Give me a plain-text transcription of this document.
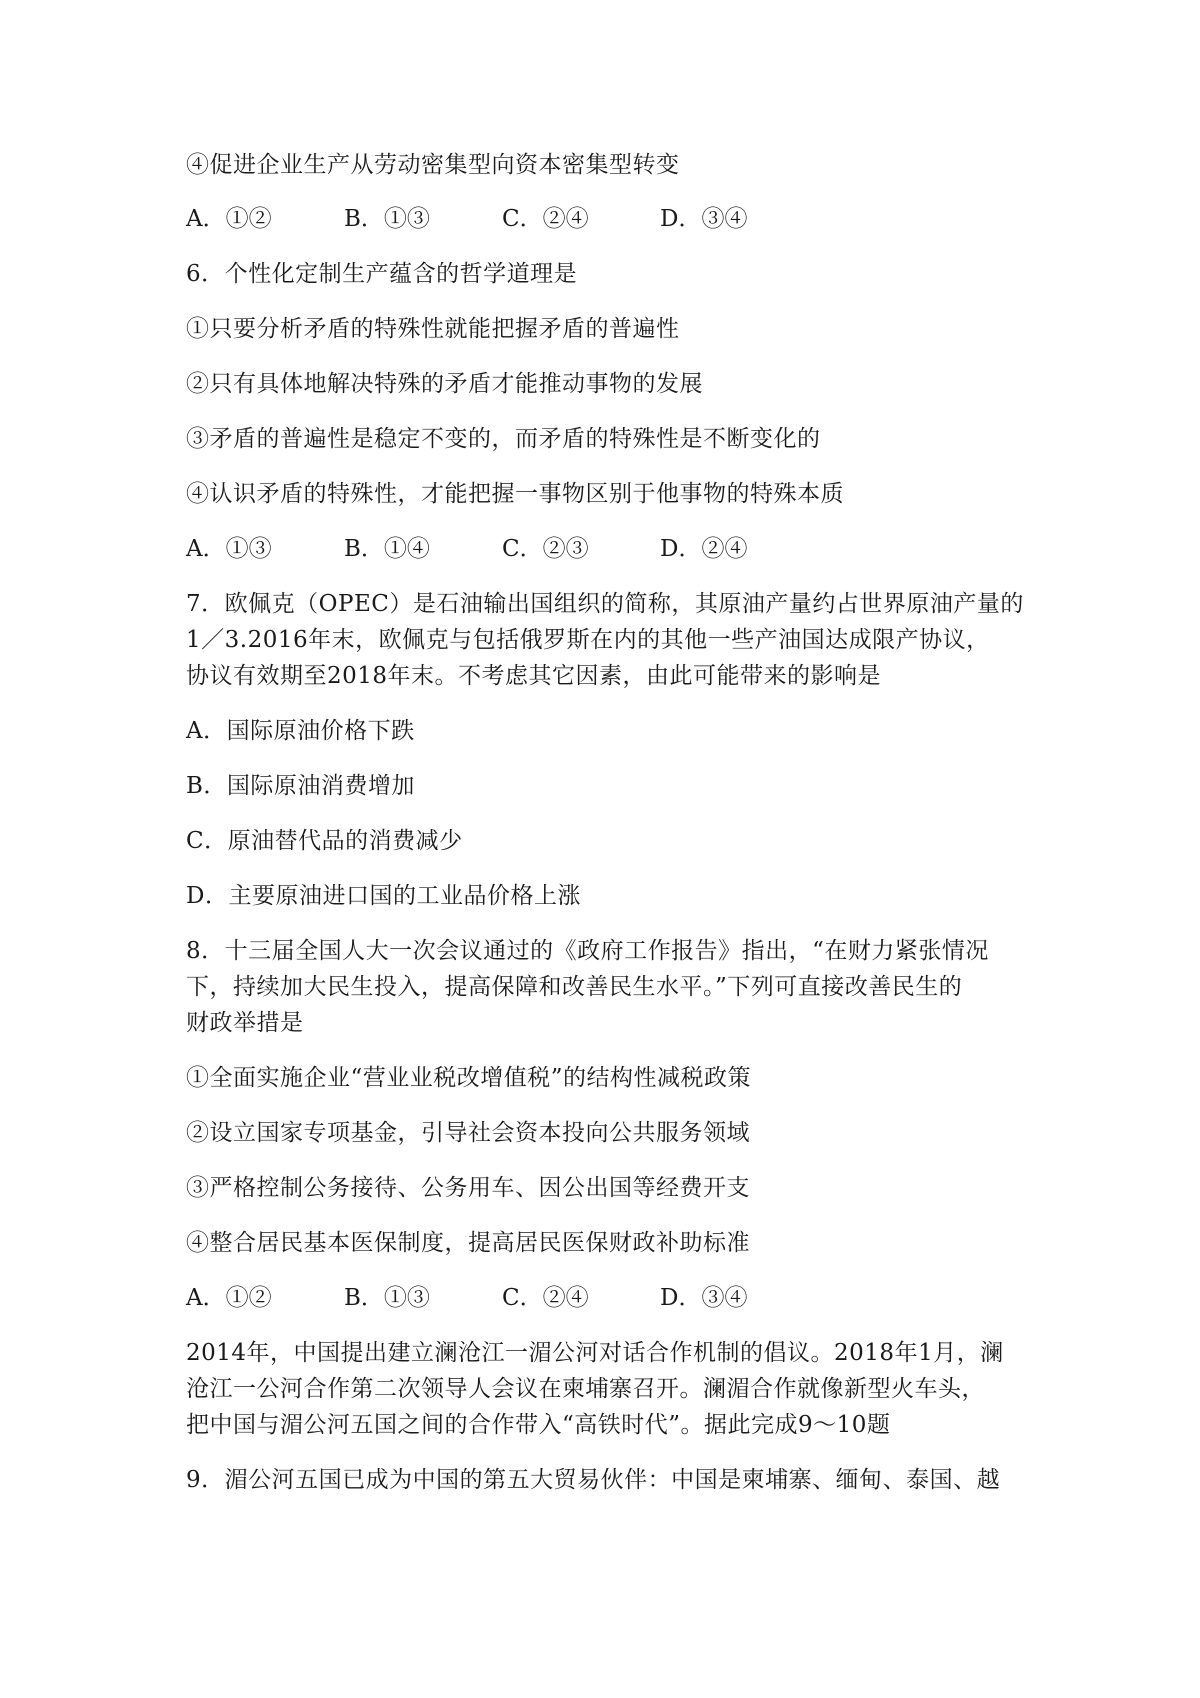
④促进企业生产从劳动密集型向资本密集型转变
A．①②	B．①③	C．②④	D．③④
6．个性化定制生产蕴含的哲学道理是
①只要分析矛盾的特殊性就能把握矛盾的普遍性
②只有具体地解决特殊的矛盾才能推动事物的发展
③矛盾的普遍性是稳定不变的，而矛盾的特殊性是不断变化的
④认识矛盾的特殊性，才能把握一事物区别于他事物的特殊本质
A．①③	B．①④	C．②③	D．②④
7．欧佩克（OPEC）是石油输出国组织的简称，其原油产量约占世界原油产量的
1／3.2016年末，欧佩克与包括俄罗斯在内的其他一些产油国达成限产协议，
协议有效期至2018年末。不考虑其它因素，由此可能带来的影响是
A．国际原油价格下跌
B．国际原油消费增加
C．原油替代品的消费减少
D．主要原油进口国的工业品价格上涨
8．十三届全国人大一次会议通过的《政府工作报告》指出，“在财力紧张情况
下，持续加大民生投入，提高保障和改善民生水平。”下列可直接改善民生的
财政举措是
①全面实施企业“营业业税改增值税”的结构性减税政策
②设立国家专项基金，引导社会资本投向公共服务领域
③严格控制公务接待、公务用车、因公出国等经费开支
④整合居民基本医保制度，提高居民医保财政补助标准
A．①②	B．①③	C．②④	D．③④
2014年，中国提出建立澜沧江一湄公河对话合作机制的倡议。2018年1月，澜
沧江一公河合作第二次领导人会议在柬埔寨召开。澜湄合作就像新型火车头，
把中国与湄公河五国之间的合作带入“高铁时代”。据此完成9～10题
9．湄公河五国已成为中国的第五大贸易伙伴：中国是柬埔寨、缅甸、泰国、越
